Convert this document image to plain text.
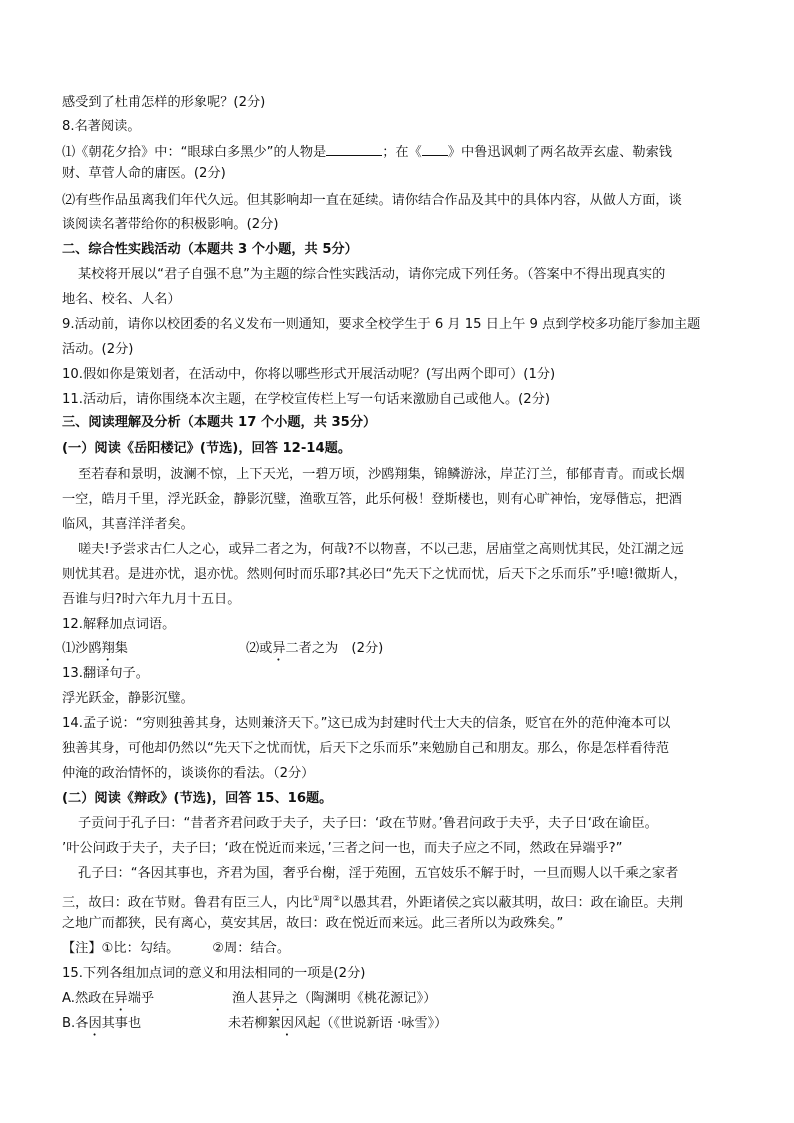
感受到了杜甫怎样的形象呢？(2分)
8.名著阅读。
⑴《朝花夕拾》中：“眼球白多黑少”的人物是	；在《 》中鲁迅讽刺了两名故弄玄虚、勒索钱
财、草菅人命的庸医。(2分)
⑵有些作品虽离我们年代久远。但其影响却一直在延续。请你结合作品及其中的具体内容，从做人方面，谈
谈阅读名著带给你的积极影响。(2分)
二、综合性实践活动（本题共 3 个小题，共 5分）
某校将开展以“君子自强不息”为主题的综合性实践活动，请你完成下列任务。（答案中不得出现真实的
地名、校名、人名）
9.活动前，请你以校团委的名义发布一则通知，要求全校学生于 6 月 15 日上午 9 点到学校多功能厅参加主题
活动。(2分)
10.假如你是策划者，在活动中，你将以哪些形式开展活动呢？(写出两个即可）(1分)
11.活动后，请你围绕本次主题，在学校宣传栏上写一句话来激励自己或他人。(2分)
三、阅读理解及分析（本题共 17 个小题，共 35分）
(一）阅读《岳阳楼记》(节选)，回答 12-14题。
至若春和景明，波澜不惊，上下天光，一碧万顷，沙鸥翔集，锦鳞游泳，岸芷汀兰，郁郁青青。而或长烟
一空，皓月千里，浮光跃金，静影沉璧，渔歌互答，此乐何极！登斯楼也，则有心旷神怡，宠辱偕忘，把酒
临风，其喜洋洋者矣。
嗟夫!予尝求古仁人之心，或异二者之为，何哉?不以物喜，不以己悲，居庙堂之高则忧其民，处江湖之远
则忧其君。是进亦忧，退亦忧。然则何时而乐耶?其必曰“先天下之忧而忧，后天下之乐而乐”乎!噫!微斯人，
吾谁与归?时六年九月十五日。
12.解释加点词语。
⑴沙鸥翔集	⑵或异二者之为　(2分)
13.翻译句子。
浮光跃金，静影沉璧。
14.孟子说：“穷则独善其身，达则兼济天下。”这已成为封建时代士大夫的信条，贬官在外的范仲淹本可以
独善其身，可他却仍然以“先天下之忧而忧，后天下之乐而乐”来勉励自己和朋友。那么，你是怎样看待范
仲淹的政治情怀的，谈谈你的看法。（2分）
(二）阅读《辩政》(节选)，回答 15、16题。
子贡问于孔子曰：“昔者齐君问政于夫子，夫子曰：‘政在节财。’鲁君问政于夫乎，夫子日‘政在谕臣。
’叶公问政于夫子，夫子曰；‘政在悦近而来远，’三者之问一也，而夫子应之不同，然政在异端乎?”
孔子曰：“各因其事也，齐君为国，奢乎台榭，淫于苑囿，五官妓乐不解于时，一旦而赐人以千乘之家者
三，故曰：政在节财。鲁君有臣三人，内比①周②以愚其君，外距诸侯之宾以蔽其明，故曰：政在谕臣。夫荆
之地广而都狭，民有离心，莫安其居，故曰：政在悦近而来远。此三者所以为政殊矣。”
【注】①比：勾结。　　　②周：结合。
15.下列各组加点词的意义和用法相同的一项是(2分)
A.然政在异端乎	渔人甚异之（陶渊明《桃花源记》）
B.各因其事也	未若柳絮因风起（《世说新语 ·咏雪》）
